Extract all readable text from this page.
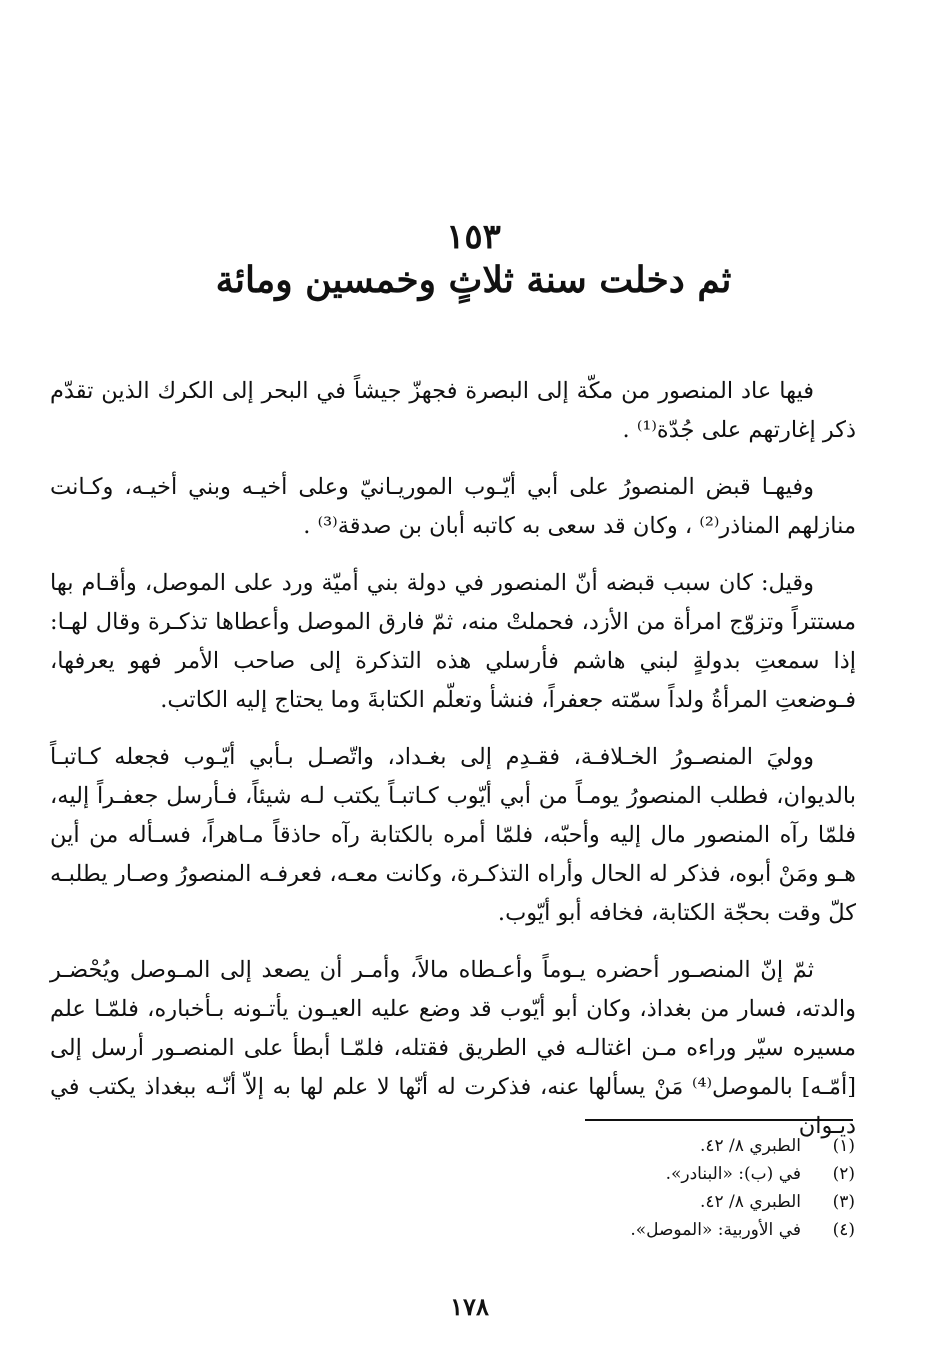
١٥٣
ثم دخلت سنة ثلاثٍ وخمسين ومائة

فيها عاد المنصور من مكّة إلى البصرة فجهزّ جيشاً في البحر إلى الكرك الذين تقدّم ذكر إغارتهم على جُدّة⁽¹⁾ .

وفيهـا قبض المنصورُ على أبي أيّـوب الموريـانيّ وعلى أخيـه وبني أخيـه، وكـانت منازلهم المناذر⁽²⁾ ، وكان قد سعى به كاتبه أبان بن صدقة⁽³⁾ .

وقيل: كان سبب قبضه أنّ المنصور في دولة بني أميّة ورد على الموصل، وأقـام بها مستتراً وتزوّج امرأة من الأزد، فحملتْ منه، ثمّ فارق الموصل وأعطاها تذكـرة وقال لهـا: إذا سمعتِ بدولةٍ لبني هاشم فأرسلي هذه التذكرة إلى صاحب الأمر فهو يعرفها، فـوضعتِ المرأةُ ولداً سمّته جعفراً، فنشأ وتعلّم الكتابةَ وما يحتاج إليه الكاتب.

ووليَ المنصـورُ الخـلافـة، فقـدِم إلى بغـداد، واتّصـل بـأبي أيّـوب فجعله كـاتبـاً بالديوان، فطلب المنصورُ يومـاً من أبي أيّوب كـاتبـاً يكتب لـه شيئاً، فـأرسل جعفـراً إليه، فلمّا رآه المنصور مال إليه وأحبّه، فلمّا أمره بالكتابة رآه حاذقاً مـاهراً، فسـأله من أين هـو ومَنْ أبوه، فذكر له الحال وأراه التذكـرة، وكانت معـه، فعرفـه المنصورُ وصـار يطلبـه كلّ وقت بحجّة الكتابة، فخافه أبو أيّوب.

ثمّ إنّ المنصـور أحضره يـوماً وأعـطاه مالاً، وأمـر أن يصعد إلى المـوصل ويُحْضـر والدته، فسار من بغداذ، وكان أبو أيّوب قد وضع عليه العيـون يأتـونه بـأخباره، فلمّـا علم مسيره سيّر وراءه مـن اغتالـه في الطريق فقتله، فلمّـا أبطأ على المنصـور أرسل إلى [أمّـه] بالموصل⁽⁴⁾ مَنْ يسألها عنه، فذكرت له أنّها لا علم لها به إلاّ أنّـه ببغداذ يكتب في ديـوان

(١)
الطبري ٨/ ٤٢.
(٢)
في (ب): «البنادر».
(٣)
الطبري ٨/ ٤٢.
(٤)
في الأوربية: «الموصل».
١٧٨
